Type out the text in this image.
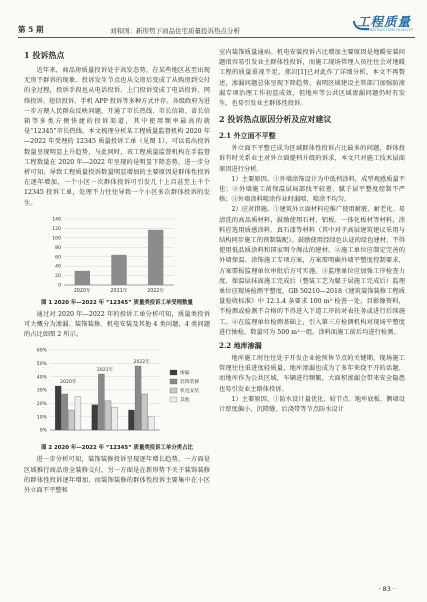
第 5 期	刘和国：新形势下商品住宅质量投诉热点分析
工程质量
CONSTRUCTION QUALITY

1 投诉热点

近年来，商品房质量投诉处于高发态势，在某些地区甚至出现无房不群诉的现象。投诉发生节点也从交房后变成了从购房到交付的全过程，投诉手段也从电话投诉、上门投诉变成了电话投诉、网络投诉、短信投诉、手机 APP 投诉等多种方式并存。各级政府为进一步方便人民群众反映问题，开通了市长热线、市长信箱、省长信箱等多类方便快捷的投诉渠道，其中使用频率最高的就是“12345”市长热线。本文梳理分析某工程质量监督机构 2020 年—2022 年受理的 12345 质量投诉工单（见图 1），可以看出投诉数量呈现明显上升趋势，与此同时，该工程质量监督机构在手监督工程数量在 2020 年—2022 年呈现的是明显下降态势，进一步分析可知，导致工程质量投诉数量明显增加的主要原因是群体性投诉在逐年增加，一个小区一次群体投诉可引发几十上百甚至上千个 12345 投诉工单，处理不力往往导致一个小区多次群体投诉的发生。

0
20
40
60
80
100
120
140
2020年	2021年	2022年
图 1 2020 年—2022 年 “12345” 质量类投诉工单受理数量

通过对 2020 年—2022 年的投诉工单分析可知，质量类投诉可大概分为渗漏、装饰装修、机电安装及其他 4 类问题，4 类问题的占比如图 2 所示。

0%
10%
20%
30%
40%
50%
60%
2020年
2021年
2022年
渗漏
装饰装修
机电安装
其他
图 2 2020 年—2022 年 “12345” 质量类投诉工单分类占比

进一步分析可知，装饰装修投诉呈现逐年增长趋势，一方面是区域推行商品房全装修交付，另一方面是在新形势下关于装饰装修的群体性投诉逐年增加，而装饰装修的群体性投诉主要集中在小区外立面不平整和

室内装饰质量通病。机电安装投诉占比增加主要原因是地暖安装问题很容易引发业主群体性投诉，而施工现场管理人员往往会对地暖工程的质量重视不足。郑岩[1]已对此作了详细分析，本文不再赘述，渗漏问题总体呈现下降趋势，表明区域建设主管部门加强防渗漏专项治理工作初显成效，但地库等公共区域渗漏问题仍时有发生，也易引发业主群体性投诉。

2 投诉热点原因分析及应对建议

2.1 外立面不平整

外立面不平整已成为区域群体性投诉占比最多的问题，群体投诉有时关系业主对外立面提档升级的诉求，本文只对施工技术层面原因进行分析。

1）主要原因。①外墙涂饰设计为中低档涂料，成型观感质量不佳；②外墙施工前保温层局部找平较差、腻子层平整度控制不严格；③外墙涂料喷涂作业时漏喷、喷涂不均匀。

2）应对措施。①建筑外立面材料应推广使用耐脏、耐老化、易清洗的高品质材料，鼓励使用石材、铝板、一体化板材等材料，涂料应选用质感涂料、真石漆等材料（其中对于高层建筑建议采用与结构同步施工的预制装配）。鼓励使用经绿色认证的绿色建材，不得使用低品质涂料和国家明令淘汰的建材。②施工单位应制定完善的外墙保温、涂饰施工专项方案，方案需明确外墙平整度控制要求，方案需报监理单位审批后方可实施。③监理单位应加强工序检查力度，保温层抹面施工完成后（整装工艺为腻子层施工完成后）监理单位应现场检测平整度，GB 50210—2018《建筑装饰装修工程质量验收标准》中 12.1.4 条要求 100 m² 检查一处，目影像资料，不检测或检测不合格的不得进入下道工序的对表任务或进行后续施工。④在监理单位检测基础上，引入第三方检测机构对现场平整度进行抽检，数量可为 500 m²一组，涂料面施工前后均进行检测。

2.2 地库渗漏

地库施工时往往处于开发企业抢预售节点的关键期，现场施工管理往往重进度轻质量，地库渗漏也成为了多年来绕不开的话题，而地库作为公共区域，车辆进行频繁，大面积渗漏会带来安全隐患也易引发业主群体投诉。

1）主要原因。①防水设计量优化、较节点、地库底板、侧墙设计厚度偏小、沉降缝、后浇带等节点防水设计

· 83 ·
